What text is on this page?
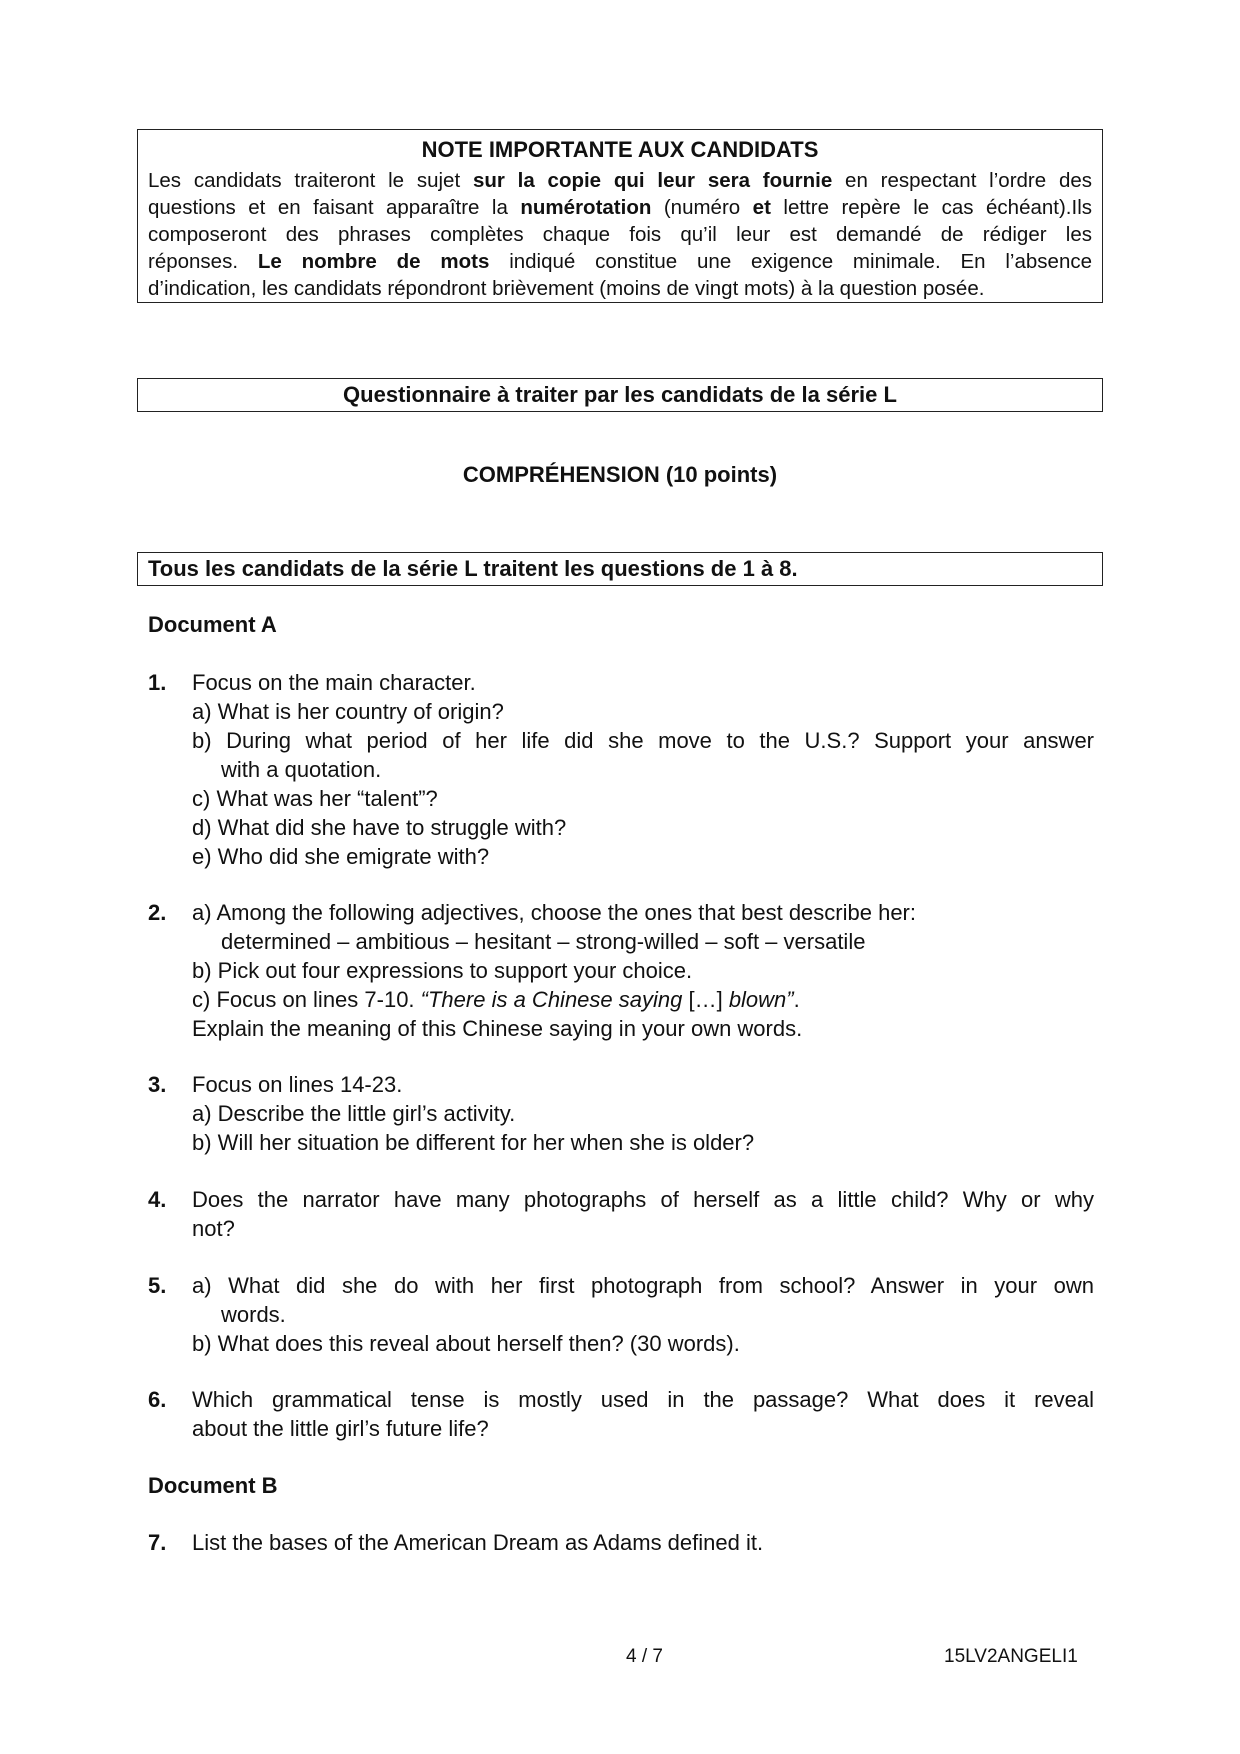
NOTE IMPORTANTE AUX CANDIDATS
Les candidats traiteront le sujet sur la copie qui leur sera fournie en respectant l’ordre des
questions et en faisant apparaître la numérotation (numéro et lettre repère le cas échéant).Ils
composeront des phrases complètes chaque fois qu’il leur est demandé de rédiger les
réponses. Le nombre de mots indiqué constitue une exigence minimale. En l’absence
d’indication, les candidats répondront brièvement (moins de vingt mots) à la question posée.
Questionnaire à traiter par les candidats de la série L
COMPRÉHENSION (10 points)
Tous les candidats de la série L traitent les questions de 1 à 8.
Document A
1. Focus on the main character.
a) What is her country of origin?
b) During what period of her life did she move to the U.S.? Support your answer
with a quotation.
c) What was her “talent”?
d) What did she have to struggle with?
e) Who did she emigrate with?
2. a) Among the following adjectives, choose the ones that best describe her:
determined – ambitious – hesitant – strong-willed – soft – versatile
b) Pick out four expressions to support your choice.
c) Focus on lines 7-10. “There is a Chinese saying […] blown”.
Explain the meaning of this Chinese saying in your own words.
3. Focus on lines 14-23.
a) Describe the little girl’s activity.
b) Will her situation be different for her when she is older?
4. Does the narrator have many photographs of herself as a little child? Why or why
not?
5. a) What did she do with her first photograph from school? Answer in your own
words.
b) What does this reveal about herself then? (30 words).
6. Which grammatical tense is mostly used in the passage? What does it reveal
about the little girl’s future life?
Document B
7. List the bases of the American Dream as Adams defined it.
4 / 7	15LV2ANGELI1
